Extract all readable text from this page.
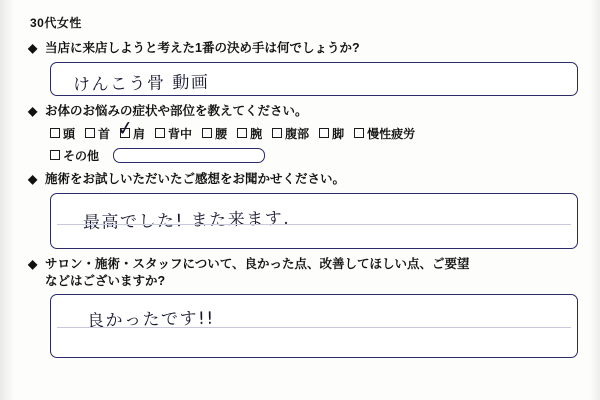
30代女性
◆ 当店に来店しようと考えた1番の決め手は何でしょうか?
けんこう骨 動画
◆ お体のお悩みの症状や部位を教えてください。
頭 首 肩
✓	背中 腰 腕 腹部 脚 慢性疲労
その他
◆ 施術をお試しいただいたご感想をお聞かせください。
最高でした! また来ます.
◆ サロン・施術・スタッフについて、良かった点、改善してほしい点、ご要望
などはございますか?
良かったです!!
